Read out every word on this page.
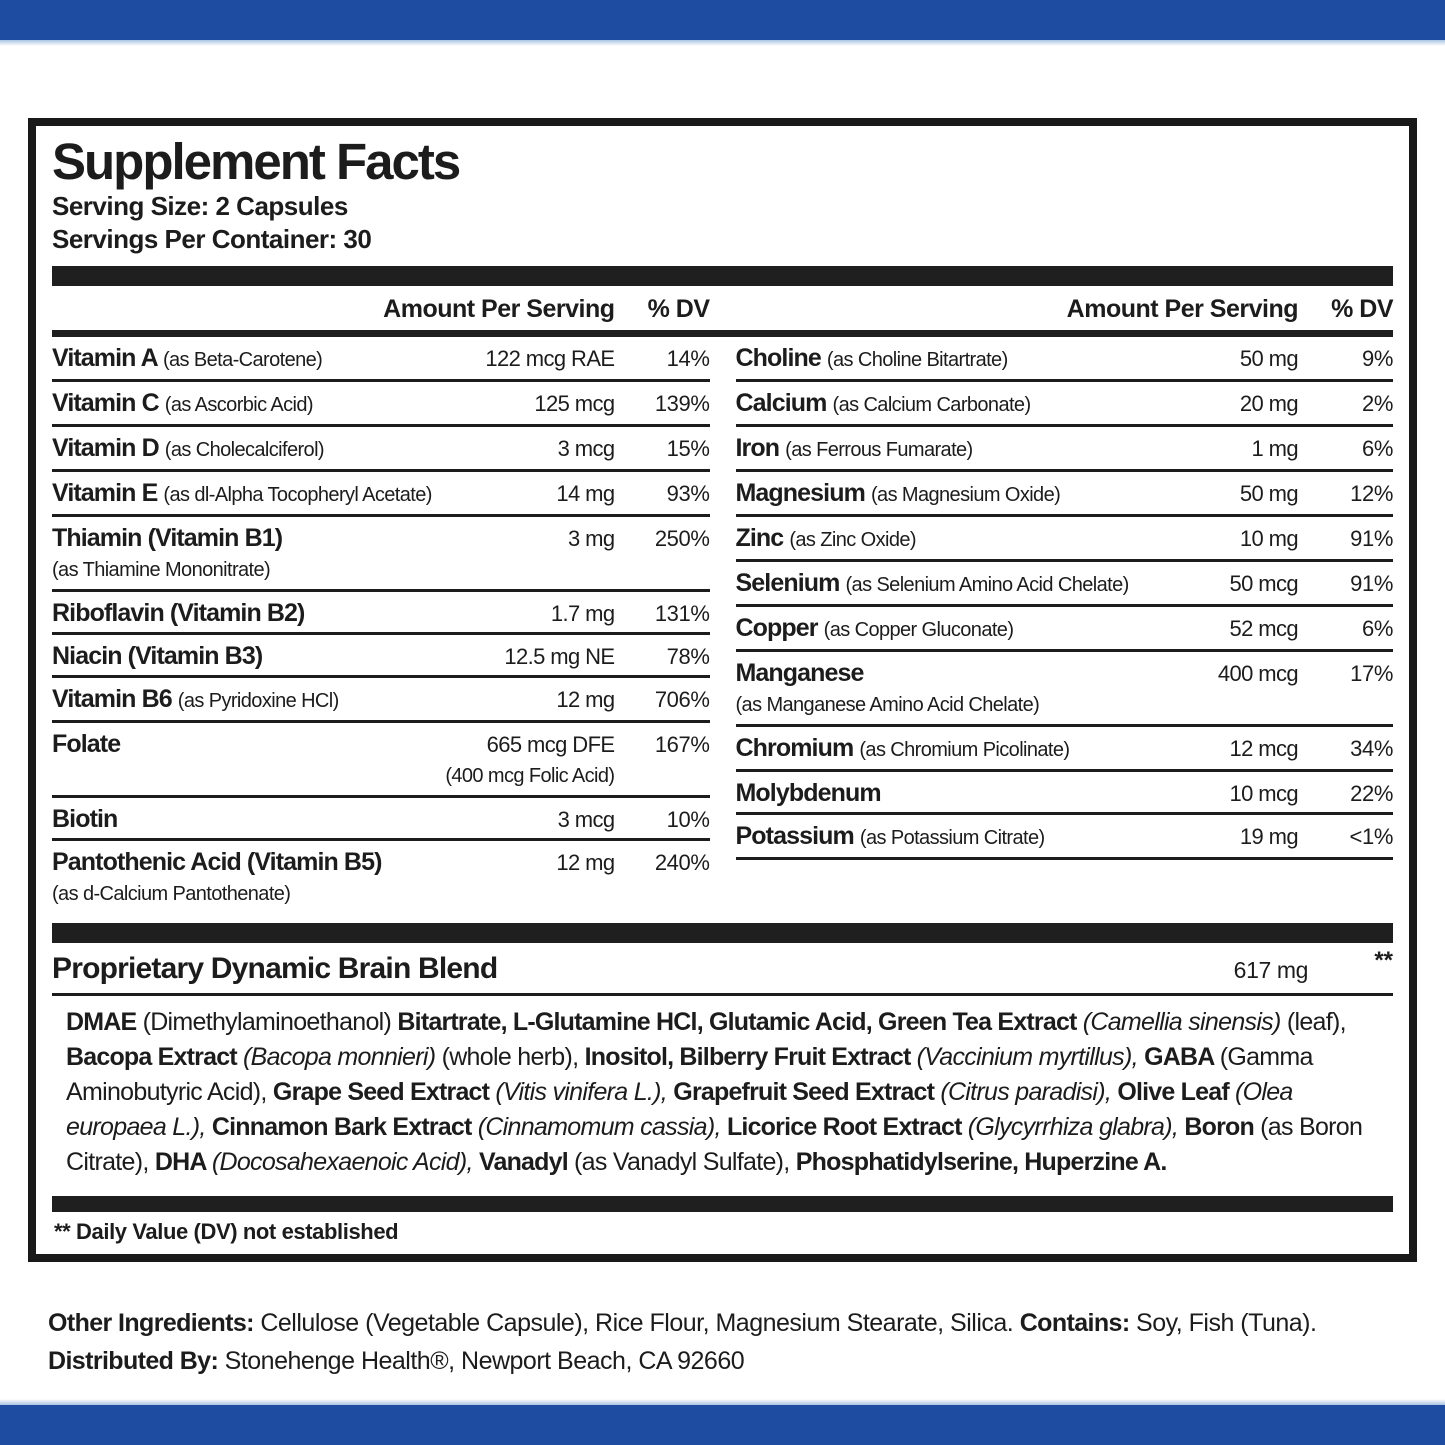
Supplement Facts
Serving Size: 2 Capsules
Servings Per Container: 30
Amount Per Serving	% DV	Amount Per Serving	% DV
Vitamin A (as Beta-Carotene)	122 mcg RAE	14%
Vitamin C (as Ascorbic Acid)	125 mcg	139%
Vitamin D (as Cholecalciferol)	3 mcg	15%
Vitamin E (as dl-Alpha Tocopheryl Acetate)	14 mg	93%
Thiamin (Vitamin B1)	3 mg	250%
(as Thiamine Mononitrate)
Riboflavin (Vitamin B2)	1.7 mg	131%
Niacin (Vitamin B3)	12.5 mg NE	78%
Vitamin B6 (as Pyridoxine HCl)	12 mg	706%
Folate	665 mcg DFE	167%
(400 mcg Folic Acid)
Biotin	3 mcg	10%
Pantothenic Acid (Vitamin B5)	12 mg	240%
(as d-Calcium Pantothenate)
Choline (as Choline Bitartrate)	50 mg	9%
Calcium (as Calcium Carbonate)	20 mg	2%
Iron (as Ferrous Fumarate)	1 mg	6%
Magnesium (as Magnesium Oxide)	50 mg	12%
Zinc (as Zinc Oxide)	10 mg	91%
Selenium (as Selenium Amino Acid Chelate)	50 mcg	91%
Copper (as Copper Gluconate)	52 mcg	6%
Manganese	400 mcg	17%
(as Manganese Amino Acid Chelate)
Chromium (as Chromium Picolinate)	12 mcg	34%
Molybdenum	10 mcg	22%
Potassium (as Potassium Citrate)	19 mg	<1%
Proprietary Dynamic Brain Blend	617 mg	**
DMAE (Dimethylaminoethanol) Bitartrate, L-Glutamine HCl, Glutamic Acid, Green Tea Extract (Camellia sinensis) (leaf), Bacopa Extract (Bacopa monnieri) (whole herb), Inositol, Bilberry Fruit Extract (Vaccinium myrtillus), GABA (Gamma Aminobutyric Acid), Grape Seed Extract (Vitis vinifera L.), Grapefruit Seed Extract (Citrus paradisi), Olive Leaf (Olea europaea L.), Cinnamon Bark Extract (Cinnamomum cassia), Licorice Root Extract (Glycyrrhiza glabra), Boron (as Boron Citrate), DHA (Docosahexaenoic Acid), Vanadyl (as Vanadyl Sulfate), Phosphatidylserine, Huperzine A.
** Daily Value (DV) not established
Other Ingredients: Cellulose (Vegetable Capsule), Rice Flour, Magnesium Stearate, Silica. Contains: Soy, Fish (Tuna).
Distributed By: Stonehenge Health®, Newport Beach, CA 92660
